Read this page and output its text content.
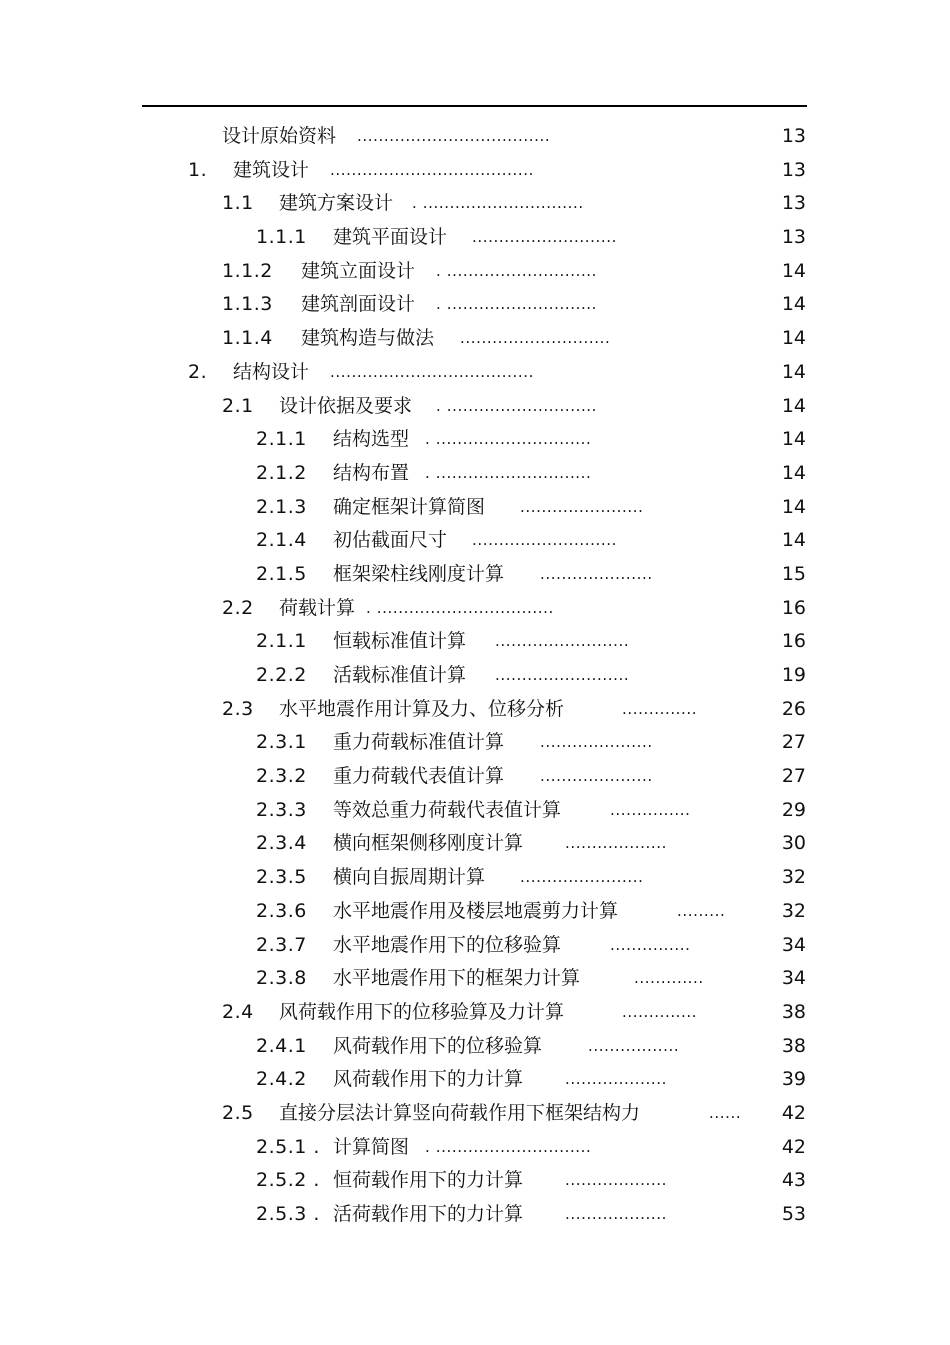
设计原始资料 ....................................	13
1. 建筑设计 ......................................	13
1.1 建筑方案设计 . ..............................	13
1.1.1 建筑平面设计 ...........................	13
1.1.2 建筑立面设计 . ............................	14
1.1.3 建筑剖面设计 . ............................	14
1.1.4 建筑构造与做法 ............................	14
2. 结构设计 ......................................	14
2.1 设计依据及要求 . ............................	14
2.1.1 结构选型 . .............................	14
2.1.2 结构布置 . .............................	14
2.1.3 确定框架计算简图 .......................	14
2.1.4 初估截面尺寸 ...........................	14
2.1.5 框架梁柱线刚度计算 .....................	15
2.2 荷载计算 . .................................	16
2.1.1 恒载标准值计算 .........................	16
2.2.2 活载标准值计算 .........................	19
2.3 水平地震作用计算及力、位移分析	..............	26
2.3.1 重力荷载标准值计算 .....................	27
2.3.2 重力荷载代表值计算 .....................	27
2.3.3 等效总重力荷载代表值计算	...............	29
2.3.4 横向框架侧移刚度计算	...................	30
2.3.5 横向自振周期计算 .......................	32
2.3.6 水平地震作用及楼层地震剪力计算	.........	32
2.3.7 水平地震作用下的位移验算	...............	34
2.3.8 水平地震作用下的框架力计算	.............	34
2.4 风荷载作用下的位移验算及力计算	..............	38
2.4.1 风荷载作用下的位移验算	.................	38
2.4.2 风荷载作用下的力计算	...................	39
2.5 直接分层法计算竖向荷载作用下框架结构力	...... 42
2.5.1 . 计算简图 . .............................	42
2.5.2 . 恒荷载作用下的力计算	...................	43
2.5.3 . 活荷载作用下的力计算	...................	53
